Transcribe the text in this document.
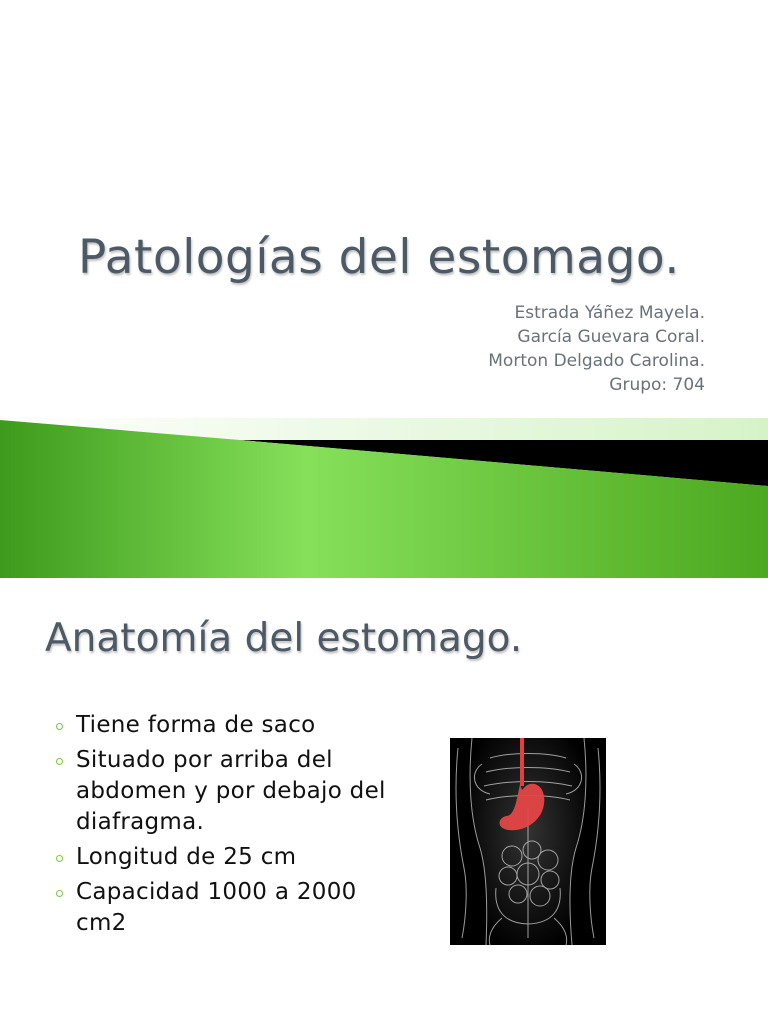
Patologías del estomago.
Estrada Yáñez Mayela.
García Guevara Coral.
Morton Delgado Carolina.
Grupo: 704
Anatomía del estomago.
Tiene forma de saco
Situado por arriba del abdomen y por debajo del diafragma.
Longitud de 25 cm
Capacidad 1000 a 2000 cm2
